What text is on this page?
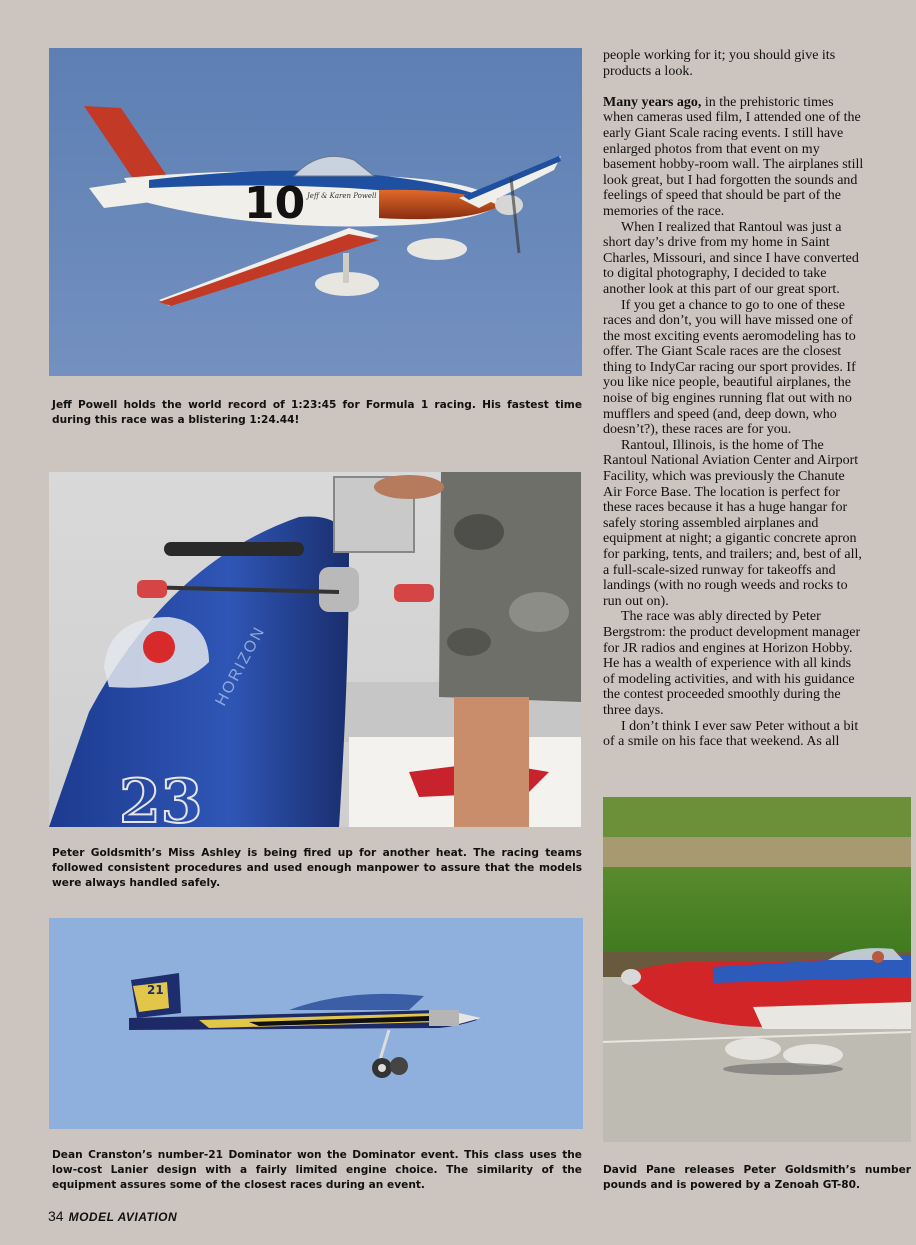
10 Jeff & Karen Powell

Jeff Powell holds the world record of 1:23:45 for Formula 1 racing. His fastest time during this race was a blistering 1:24.44!

HORIZON
23

Peter Goldsmith’s Miss Ashley is being fired up for another heat. The racing teams followed consistent procedures and used enough manpower to assure that the models were always handled safely.

21

Dean Cranston’s number-21 Dominator won the Dominator event. This class uses the low-cost Lanier design with a fairly limited engine choice. The similarity of the equipment assures some of the closest races during an event.

people working for it; you should give its products a look.

Many years ago, in the prehistoric times when cameras used film, I attended one of the early Giant Scale racing events. I still have enlarged photos from that event on my basement hobby-room wall. The airplanes still look great, but I had forgotten the sounds and feelings of speed that should be part of the memories of the race.

When I realized that Rantoul was just a short day’s drive from my home in Saint Charles, Missouri, and since I have converted to digital photography, I decided to take another look at this part of our great sport.

If you get a chance to go to one of these races and don’t, you will have missed one of the most exciting events aeromodeling has to offer. The Giant Scale races are the closest thing to IndyCar racing our sport provides. If you like nice people, beautiful airplanes, the noise of big engines running flat out with no mufflers and speed (and, deep down, who doesn’t?), these races are for you.

Rantoul, Illinois, is the home of The Rantoul National Aviation Center and Airport Facility, which was previously the Chanute Air Force Base. The location is perfect for these races because it has a huge hangar for safely storing assembled airplanes and equipment at night; a gigantic concrete apron for parking, tents, and trailers; and, best of all, a full-scale-sized runway for takeoffs and landings (with no rough weeds and rocks to run out on).

The race was ably directed by Peter Bergstrom: the product development manager for JR radios and engines at Horizon Hobby. He has a wealth of experience with all kinds of modeling activities, and with his guidance the contest proceeded smoothly during the three days.

I don’t think I ever saw Peter without a bit of a smile on his face that weekend. As all

David Pane releases Peter Goldsmith’s number pounds and is powered by a Zenoah GT-80.

34 MODEL AVIATION
